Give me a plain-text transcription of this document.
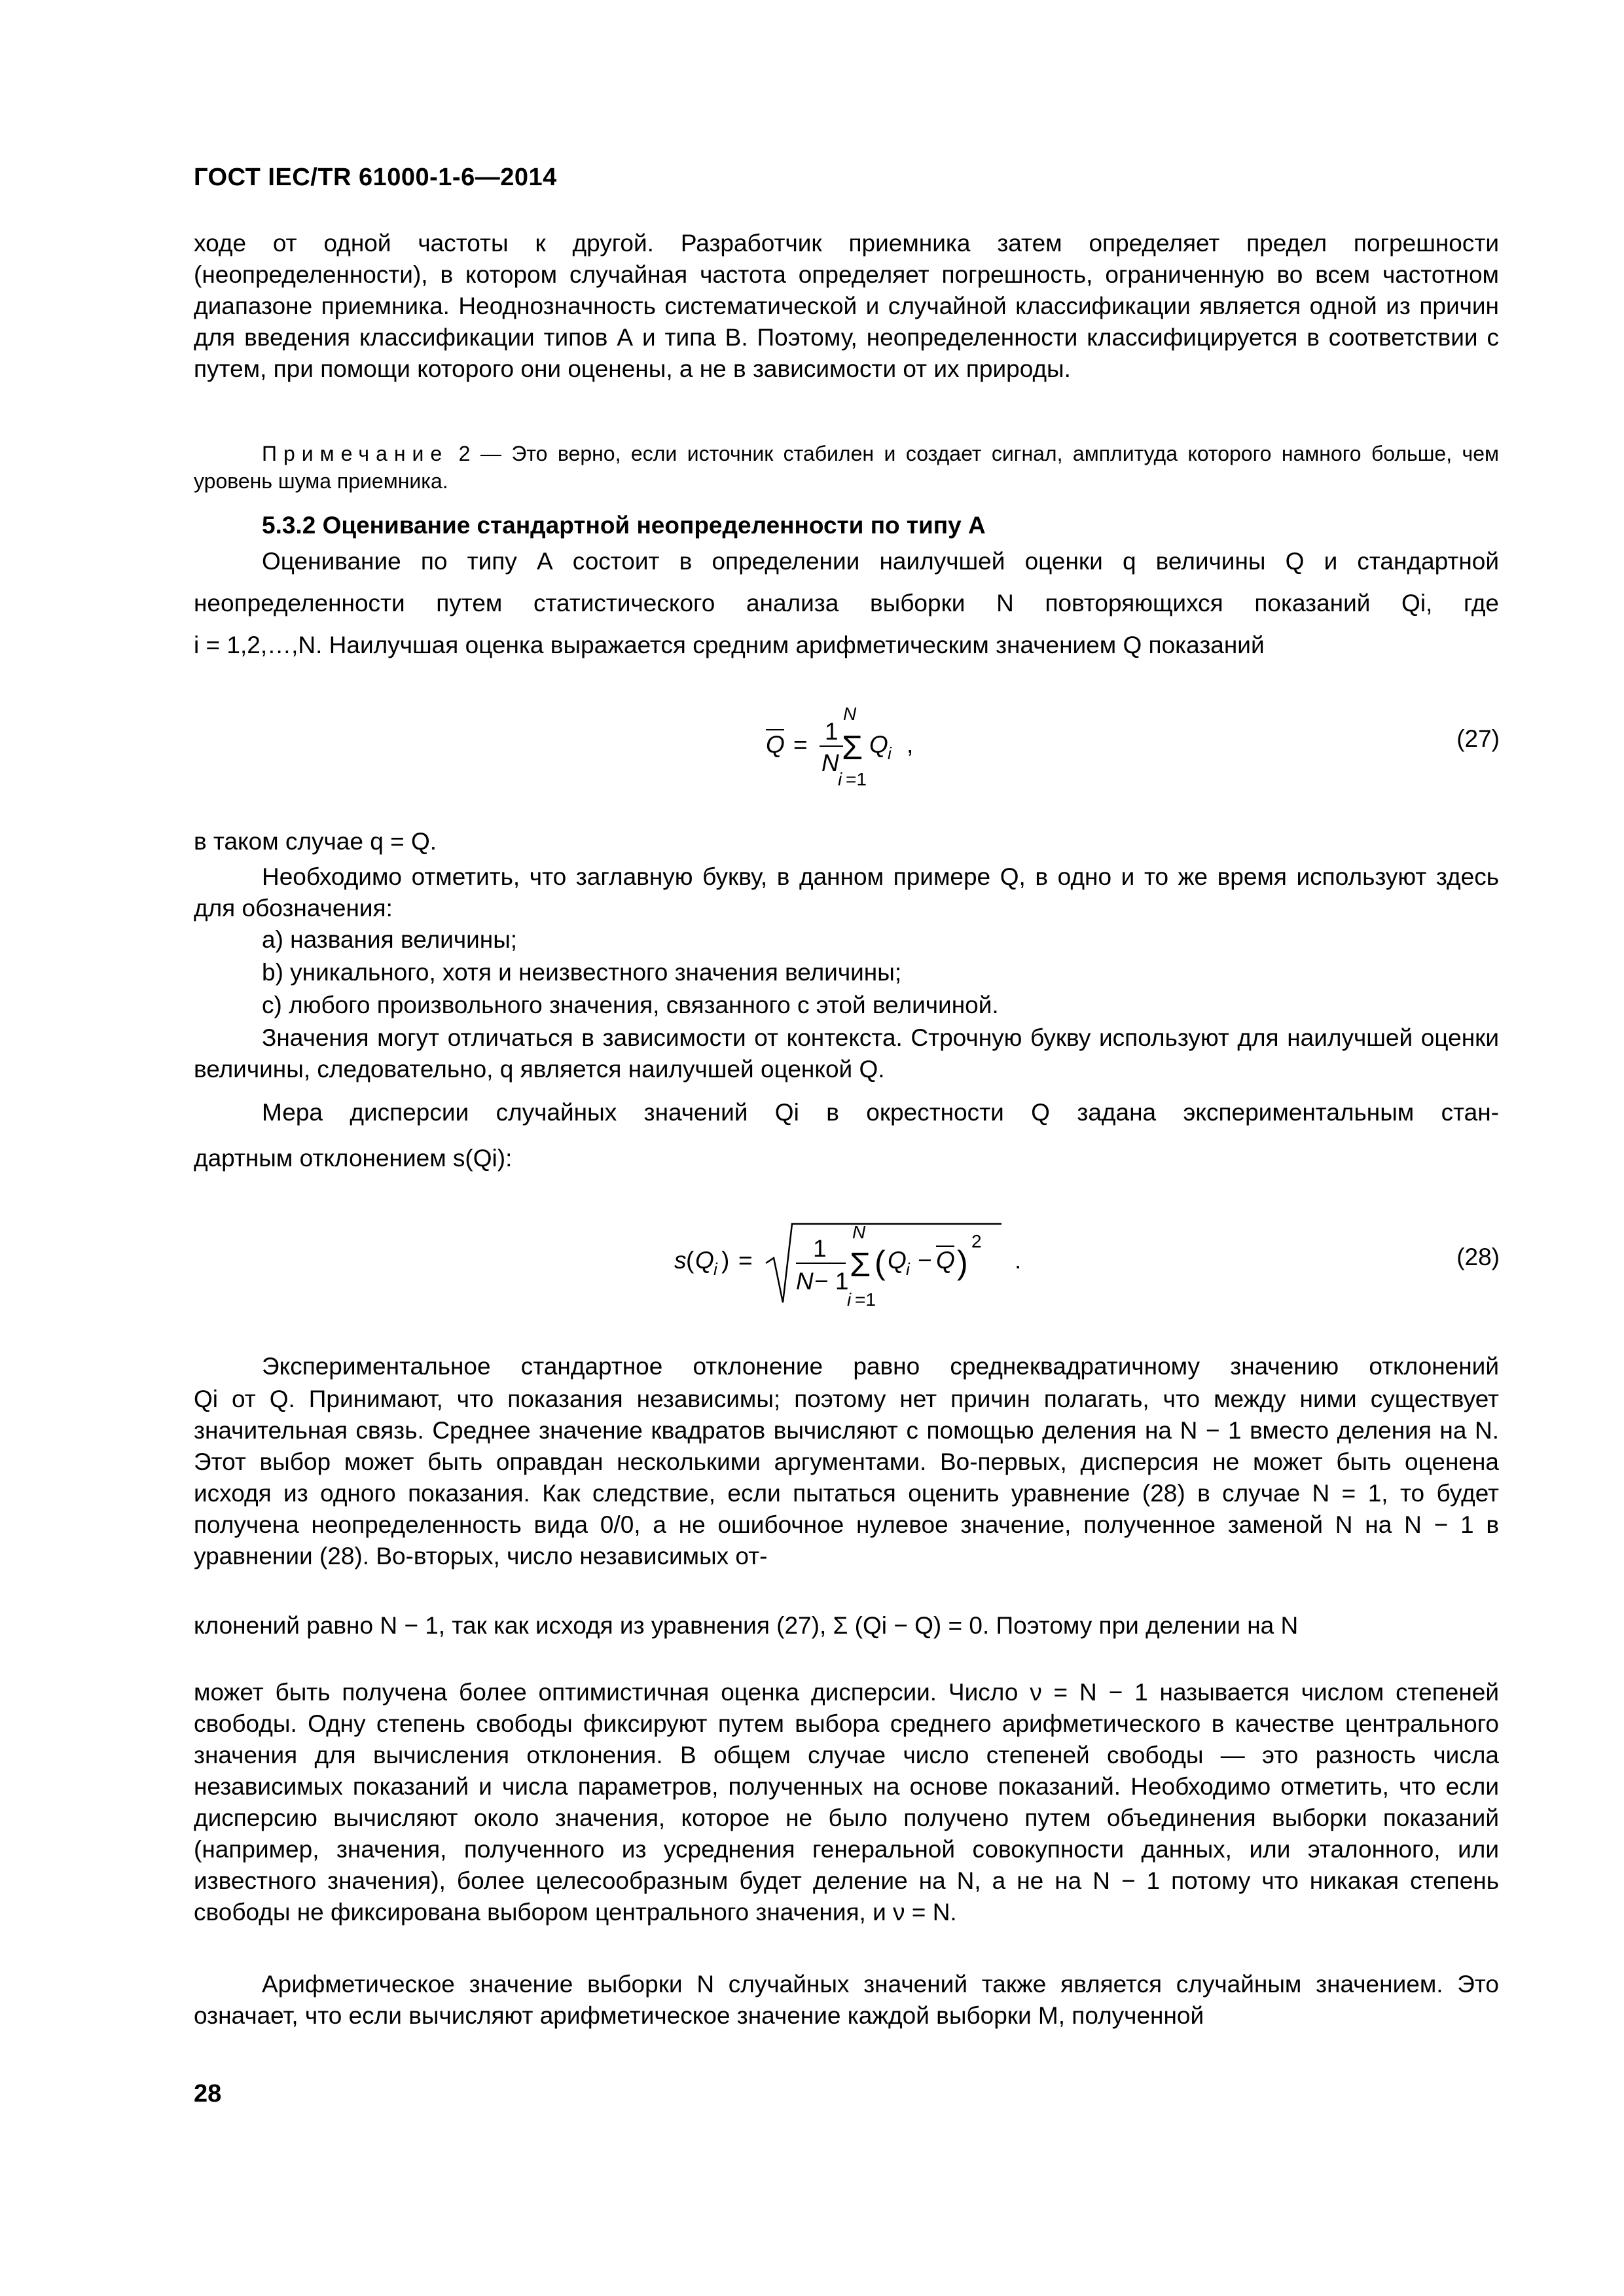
ГОСТ IEC/TR 61000-1-6—2014
ходе от одной частоты к другой. Разработчик приемника затем определяет предел погрешности (неопределенности), в котором случайная частота определяет погрешность, ограниченную во всем частотном диапазоне приемника. Неоднозначность систематической и случайной классификации является одной из причин для введения классификации типов А и типа В. Поэтому, неопределенности классифицируется в соответствии с путем, при помощи которого они оценены, а не в зависимости от их природы.
Примечание 2 — Это верно, если источник стабилен и создает сигнал, амплитуда которого намного больше, чем уровень шума приемника.
5.3.2 Оценивание стандартной неопределенности по типу А
Оценивание по типу А состоит в определении наилучшей оценки q величины Q и стандартной
неопределенности путем статистического анализа выборки N повторяющихся показаний Qi, где
i = 1,2,…,N. Наилучшая оценка выражается средним арифметическим значением Q показаний
Q = 1
N
N
Σ
i =1
Q i ,	(27)
в таком случае q = Q.
Необходимо отметить, что заглавную букву, в данном примере Q, в одно и то же время используют здесь для обозначения:
a) названия величины;
b) уникального, хотя и неизвестного значения величины;
c) любого произвольного значения, связанного с этой величиной.
Значения могут отличаться в зависимости от контекста. Строчную букву используют для наилучшей оценки величины, следовательно, q является наилучшей оценкой Q.
Мера дисперсии случайных значений Qi в окрестности Q задана экспериментальным стан-
дартным отклонением s(Qi):
s ( Q i ) = 1
N − 1
N
Σ
i =1
( Q i − Q )
2
.	(28)
Экспериментальное стандартное отклонение равно среднеквадратичному значению отклонений
Qi от Q. Принимают, что показания независимы; поэтому нет причин полагать, что между ними существует значительная связь. Среднее значение квадратов вычисляют с помощью деления на N − 1 вместо деления на N. Этот выбор может быть оправдан несколькими аргументами. Во-первых, дисперсия не может быть оценена исходя из одного показания. Как следствие, если пытаться оценить уравнение (28) в случае N = 1, то будет получена неопределенность вида 0/0, а не ошибочное нулевое значение, полученное заменой N на N − 1 в уравнении (28). Во-вторых, число независимых от-
клонений равно N − 1, так как исходя из уравнения (27), Σ (Qi − Q) = 0. Поэтому при делении на N
может быть получена более оптимистичная оценка дисперсии. Число ν = N − 1 называется числом степеней свободы. Одну степень свободы фиксируют путем выбора среднего арифметического в качестве центрального значения для вычисления отклонения. В общем случае число степеней свободы — это разность числа независимых показаний и числа параметров, полученных на основе показаний. Необходимо отметить, что если дисперсию вычисляют около значения, которое не было получено путем объединения выборки показаний (например, значения, полученного из усреднения генеральной совокупности данных, или эталонного, или известного значения), более целесообразным будет деление на N, а не на N − 1 потому что никакая степень свободы не фиксирована выбором центрального значения, и ν = N.
Арифметическое значение выборки N случайных значений также является случайным значением. Это означает, что если вычисляют арифметическое значение каждой выборки M, полученной
28
